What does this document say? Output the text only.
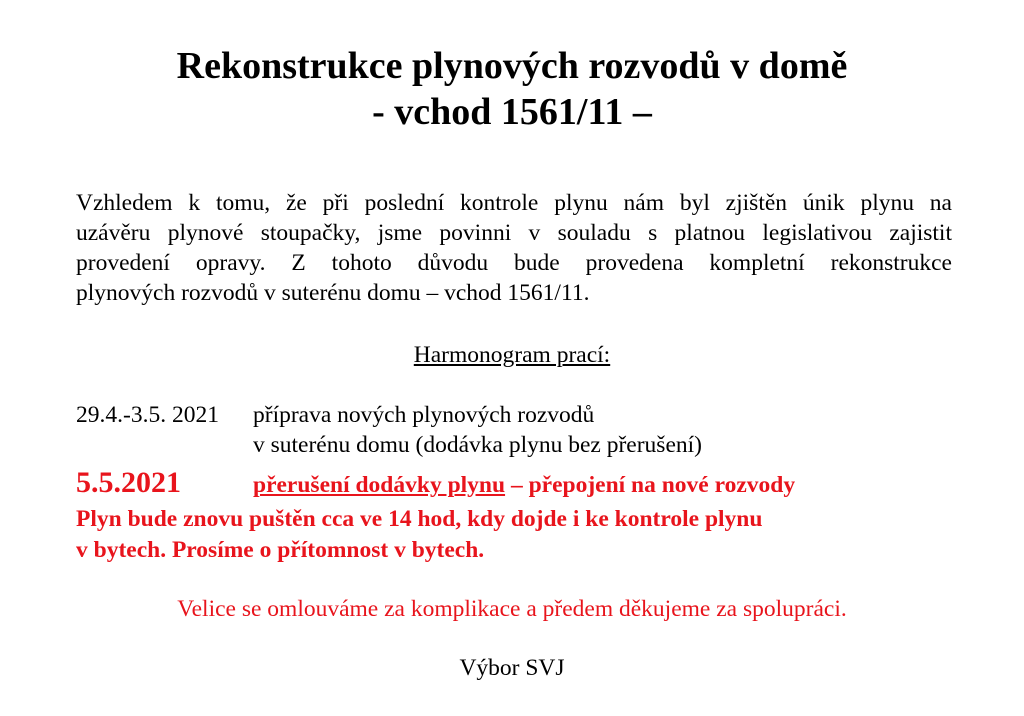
Rekonstrukce plynových rozvodů v domě
- vchod 1561/11 –
Vzhledem k tomu, že při poslední kontrole plynu nám byl zjištěn únik plynu na
uzávěru plynové stoupačky, jsme povinni v souladu s platnou legislativou zajistit
provedení opravy. Z tohoto důvodu bude provedena kompletní rekonstrukce
plynových rozvodů v suterénu domu – vchod 1561/11.
Harmonogram prací:
29.4.-3.5. 2021 příprava nových plynových rozvodů
v suterénu domu (dodávka plynu bez přerušení)
5.5.2021	přerušení dodávky plynu – přepojení na nové rozvody
Plyn bude znovu puštěn cca ve 14 hod, kdy dojde i ke kontrole plynu
v bytech. Prosíme o přítomnost v bytech.
Velice se omlouváme za komplikace a předem děkujeme za spolupráci.
Výbor SVJ
